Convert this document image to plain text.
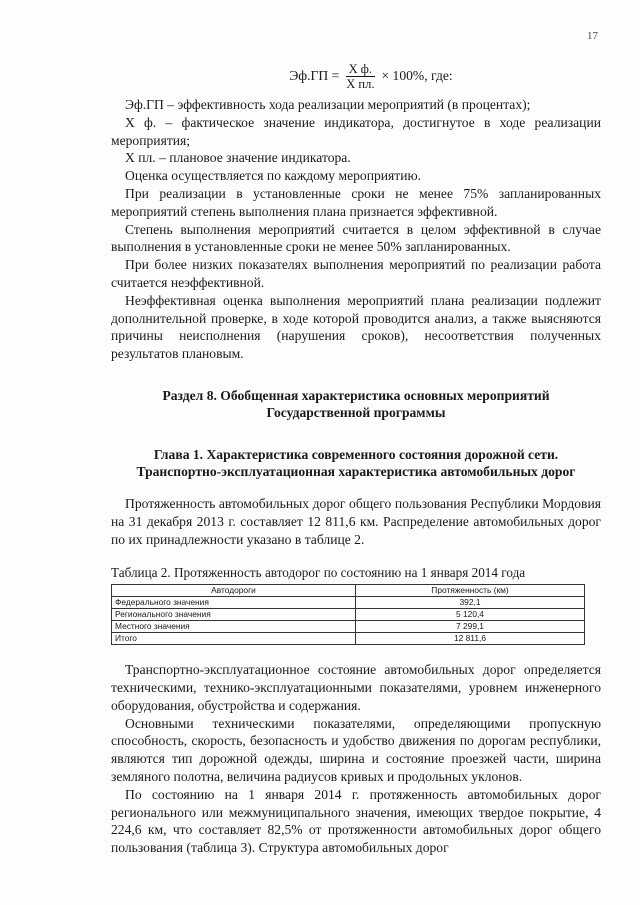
17
$Эф.ГП = \frac{\text{Х ф.}}{\text{Х пл.}} \times 100\%$, где:

Эф.ГП – эффективность хода реализации мероприятий (в процентах);

Х ф. – фактическое значение индикатора, достигнутое в ходе реализации мероприятия;

Х пл. – плановое значение индикатора.

Оценка осуществляется по каждому мероприятию.

При реализации в установленные сроки не менее 75% запланированных мероприятий степень выполнения плана признается эффективной.

Степень выполнения мероприятий считается в целом эффективной в случае выполнения в установленные сроки не менее 50% запланированных.

При более низких показателях выполнения мероприятий по реализации работа считается неэффективной.

Неэффективная оценка выполнения мероприятий плана реализации подлежит дополнительной проверке, в ходе которой проводится анализ, а также выясняются причины неисполнения (нарушения сроков), несоответствия полученных результатов плановым.

Раздел 8. Обобщенная характеристика основных мероприятий
Государственной программы
Глава 1. Характеристика современного состояния дорожной сети.
Транспортно-эксплуатационная характеристика автомобильных дорог

Протяженность автомобильных дорог общего пользования Республики Мордовия на 31 декабря 2013 г. составляет 12 811,6 км. Распределение автомобильных дорог по их принадлежности указано в таблице 2.

Таблица 2. Протяженность автодорог по состоянию на 1 января 2014 года
Автодороги	Протяженность (км)
Федерального значения	392,1
Регионального значения	5 120,4
Местного значения	7 299,1
Итого	12 811,6

Транспортно-эксплуатационное состояние автомобильных дорог определяется техническими, технико-эксплуатационными показателями, уровнем инженерного оборудования, обустройства и содержания.

Основными техническими показателями, определяющими пропускную способность, скорость, безопасность и удобство движения по дорогам республики, являются тип дорожной одежды, ширина и состояние проезжей части, ширина земляного полотна, величина радиусов кривых и продольных уклонов.

По состоянию на 1 января 2014 г. протяженность автомобильных дорог регионального или межмуниципального значения, имеющих твердое покрытие, 4 224,6 км, что составляет 82,5% от протяженности автомобильных дорог общего пользования (таблица 3). Структура автомобильных дорог
